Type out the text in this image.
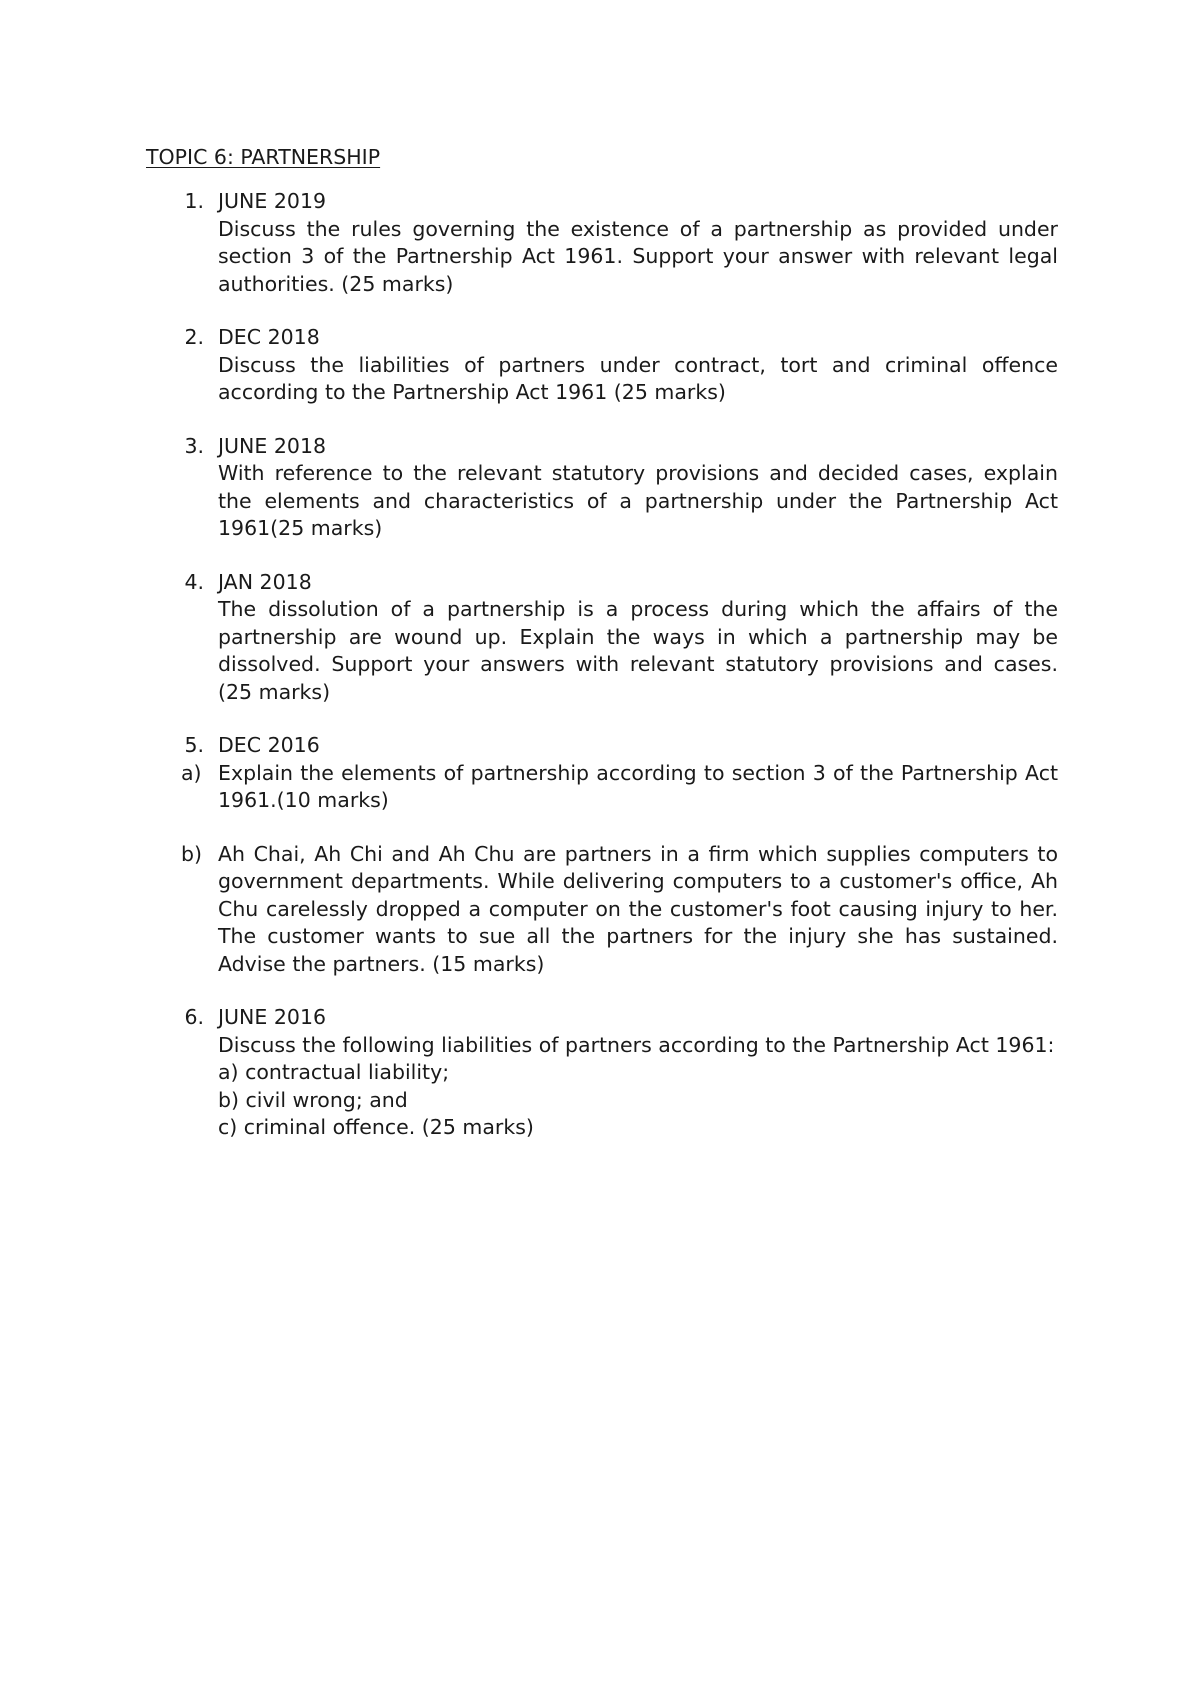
TOPIC 6: PARTNERSHIP
1. JUNE 2019
Discuss the rules governing the existence of a partnership as provided under section 3 of the Partnership Act 1961. Support your answer with relevant legal authorities. (25 marks)
2. DEC 2018
Discuss the liabilities of partners under contract, tort and criminal offence according to the Partnership Act 1961 (25 marks)
3. JUNE 2018
With reference to the relevant statutory provisions and decided cases, explain the elements and characteristics of a partnership under the Partnership Act 1961(25 marks)
4. JAN 2018
The dissolution of a partnership is a process during which the affairs of the partnership are wound up. Explain the ways in which a partnership may be dissolved. Support your answers with relevant statutory provisions and cases. (25 marks)
5. DEC 2016
a) Explain the elements of partnership according to section 3 of the Partnership Act 1961.(10 marks)
b) Ah Chai, Ah Chi and Ah Chu are partners in a firm which supplies computers to government departments. While delivering computers to a customer's office, Ah Chu carelessly dropped a computer on the customer's foot causing injury to her. The customer wants to sue all the partners for the injury she has sustained. Advise the partners. (15 marks)
6. JUNE 2016
Discuss the following liabilities of partners according to the Partnership Act 1961:
a) contractual liability;
b) civil wrong; and
c) criminal offence. (25 marks)
